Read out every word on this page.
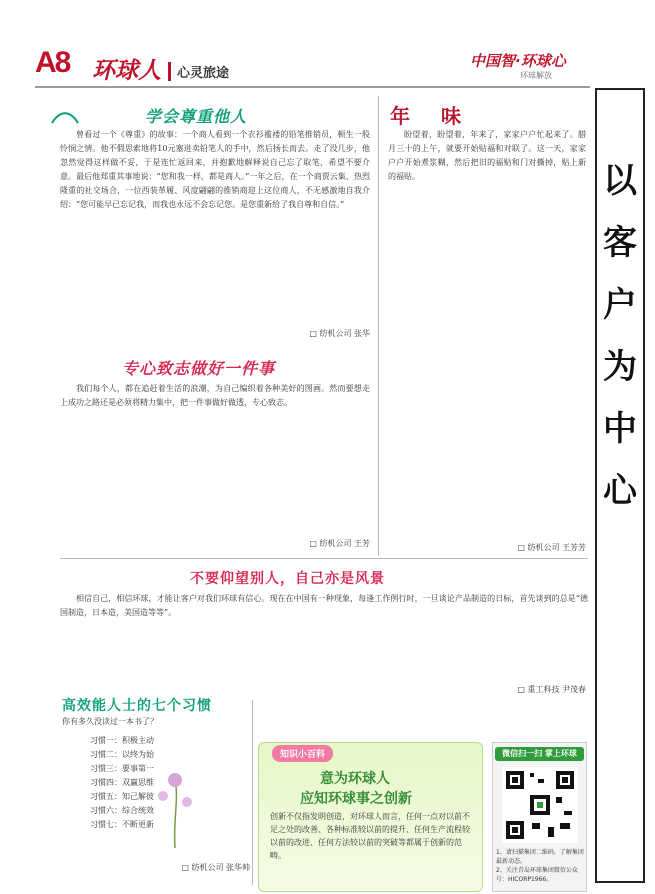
A8 环球人	心灵旅途
中国智·环球心
环球解放
以客户为中心
学会尊重他人
曾看过一个《尊重》的故事：一个商人看到一个衣衫褴褛的铅笔推销员，顿生一股怜悯之情。他不假思索地将10元塞进卖铅笔人的手中，然后扬长而去。走了没几步，他忽然觉得这样做不妥，于是连忙返回来，并抱歉地解释说自己忘了取笔，希望不要介意。最后他郑重其事地说：“您和我一样，都是商人。”一年之后，在一个商贾云集、热烈隆重的社交场合，一位西装革履、风度翩翩的推销商迎上这位商人，不无感激地自我介绍：“您可能早已忘记我，而我也永远不会忘记您。是您重新给了我自尊和自信。”
□ 纺机公司 张华
专心致志做好一件事
我们每个人，都在追赶着生活的浪潮，为自己编织着各种美好的图画。然而要想走上成功之路还是必须将精力集中，把一件事做好做透，专心致志。
□ 纺机公司 王芳
年 味
盼望着，盼望着，年来了，家家户户忙起来了。腊月三十的上午，就要开始贴福和对联了。这一天，家家户户开始煮浆糊，然后把旧的福贴和门对撕掉，贴上新的福贴。
□ 纺机公司 王芳芳
不要仰望别人，自己亦是风景
相信自己，相信环球，才能让客户对我们环球有信心。现在在中国有一种现象，每逢工作例行时，一旦谈论产品制造的日标，首先谈到的总是“德国制造，日本造，美国造等等”。
□ 重工科技 尹茂春
高效能人士的七个习惯
你有多久没读过一本书了？
习惯一：积极主动
习惯二：以终为始
习惯三：要事第一
习惯四：双赢思维
习惯五：知己解彼
习惯六：综合统效
习惯七：不断更新
□ 纺机公司 张华帅
知识小百科
意为环球人
应知环球事之创新
创新不仅指发明创造，对环球人而言，任何一点对以前不足之处的改善、各种标准较以前的提升、任何生产流程较以前的改进、任何方法较以前的突破等都属于创新的范畴。
微信扫一扫 掌上环球
1、请扫描集团二维码，了解集团最新动态。
2、关注青岛环球集团微信公众号：HICORP1966。
